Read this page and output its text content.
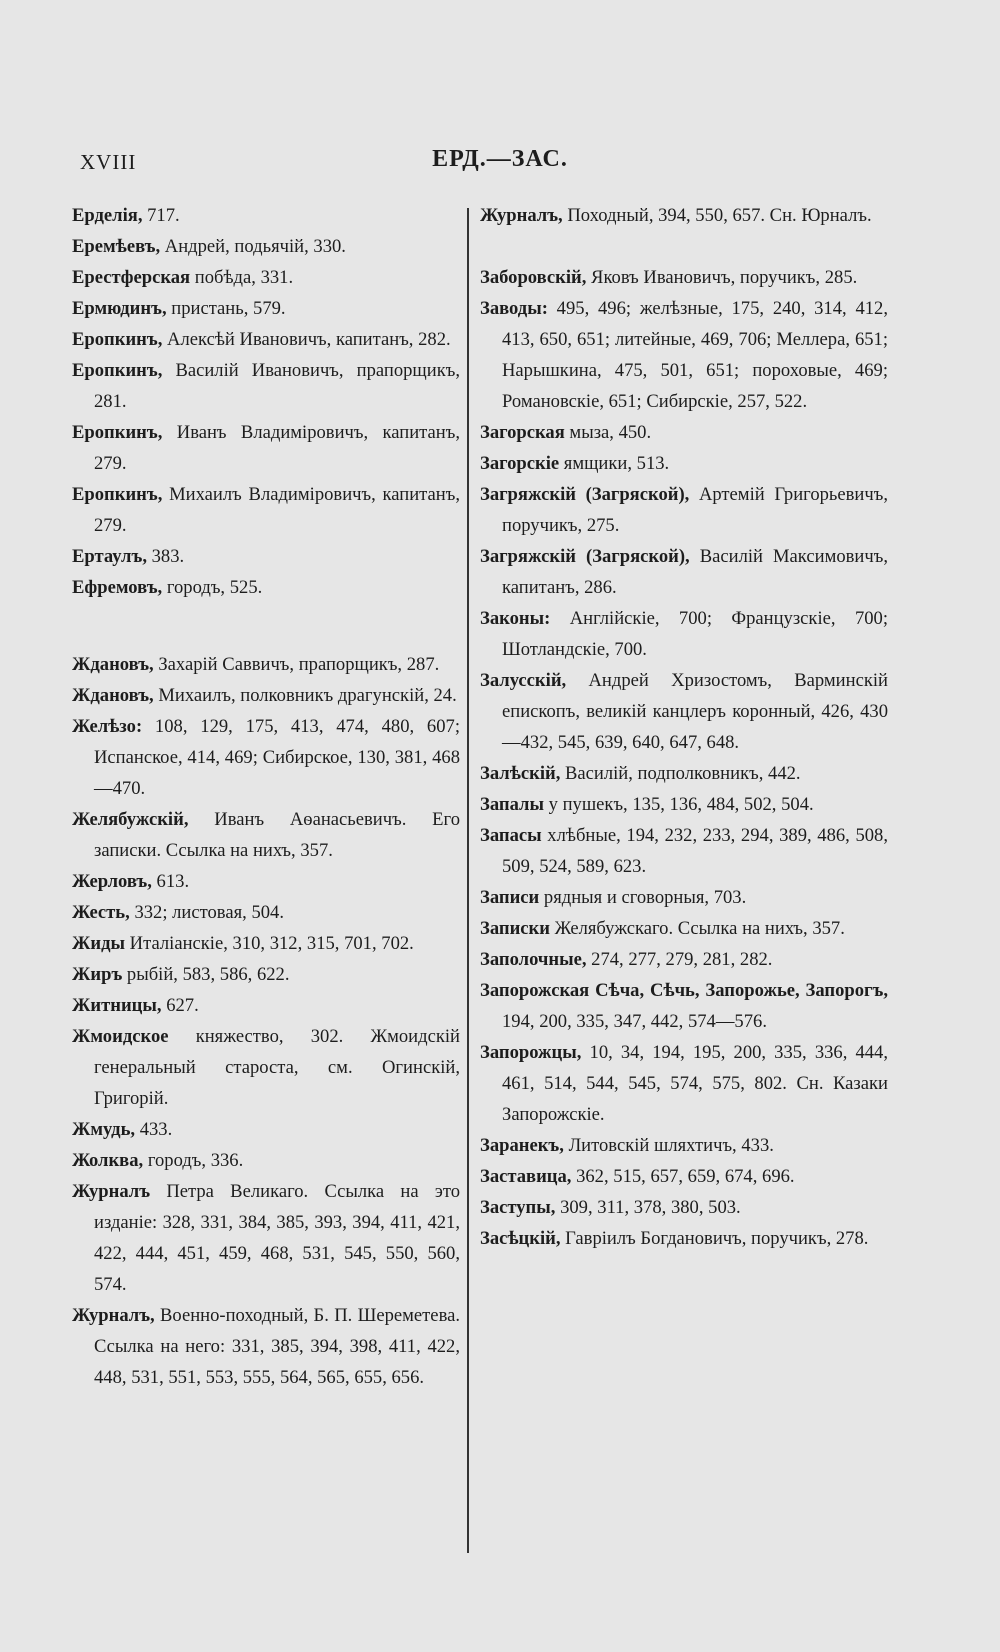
XVIII	ЕРД.—ЗАС.
Ерделія, 717.
Еремѣевъ, Андрей, подьячій, 330.
Ерестферская побѣда, 331.
Ермюдинъ, пристань, 579.
Еропкинъ, Алексѣй Ивановичъ, капитанъ, 282.
Еропкинъ, Василій Ивановичъ, прапорщикъ, 281.
Еропкинъ, Иванъ Владиміровичъ, капитанъ, 279.
Еропкинъ, Михаилъ Владиміровичъ, капитанъ, 279.
Ертаулъ, 383.
Ефремовъ, городъ, 525.
Ждановъ, Захарій Саввичъ, прапорщикъ, 287.
Ждановъ, Михаилъ, полковникъ драгунскій, 24.
Желѣзо: 108, 129, 175, 413, 474, 480, 607; Испанское, 414, 469; Сибирское, 130, 381, 468—470.
Желябужскій, Иванъ Аѳанасьевичъ. Его записки. Ссылка на нихъ, 357.
Жерловъ, 613.
Жесть, 332; листовая, 504.
Жиды Италіанскіе, 310, 312, 315, 701, 702.
Жиръ рыбій, 583, 586, 622.
Житницы, 627.
Жмоидское княжество, 302. Жмоидскій генеральный староста, см. Огинскій, Григорій.
Жмудь, 433.
Жолква, городъ, 336.
Журналъ Петра Великаго. Ссылка на это изданіе: 328, 331, 384, 385, 393, 394, 411, 421, 422, 444, 451, 459, 468, 531, 545, 550, 560, 574.
Журналъ, Военно-походный, Б. П. Шереметева. Ссылка на него: 331, 385, 394, 398, 411, 422, 448, 531, 551, 553, 555, 564, 565, 655, 656.
Журналъ, Походный, 394, 550, 657. Сн. Юрналъ.
Заборовскій, Яковъ Ивановичъ, поручикъ, 285.
Заводы: 495, 496; желѣзные, 175, 240, 314, 412, 413, 650, 651; литейные, 469, 706; Меллера, 651; Нарышкина, 475, 501, 651; пороховые, 469; Романовскіе, 651; Сибирскіе, 257, 522.
Загорская мыза, 450.
Загорскіе ямщики, 513.
Загряжскій (Загряской), Артемій Григорьевичъ, поручикъ, 275.
Загряжскій (Загряской), Василій Максимовичъ, капитанъ, 286.
Законы: Англійскіе, 700; Французскіе, 700; Шотландскіе, 700.
Залусскій, Андрей Хризостомъ, Варминскій епископъ, великій канцлеръ коронный, 426, 430—432, 545, 639, 640, 647, 648.
Залѣскій, Василій, подполковникъ, 442.
Запалы у пушекъ, 135, 136, 484, 502, 504.
Запасы хлѣбные, 194, 232, 233, 294, 389, 486, 508, 509, 524, 589, 623.
Записи рядныя и сговорныя, 703.
Записки Желябужскаго. Ссылка на нихъ, 357.
Заполочные, 274, 277, 279, 281, 282.
Запорожская Сѣча, Сѣчь, Запорожье, Запорогъ, 194, 200, 335, 347, 442, 574—576.
Запорожцы, 10, 34, 194, 195, 200, 335, 336, 444, 461, 514, 544, 545, 574, 575, 802. Сн. Казаки Запорожскіе.
Заранекъ, Литовскій шляхтичъ, 433.
Заставица, 362, 515, 657, 659, 674, 696.
Заступы, 309, 311, 378, 380, 503.
Засѣцкій, Гавріилъ Богдановичъ, поручикъ, 278.
